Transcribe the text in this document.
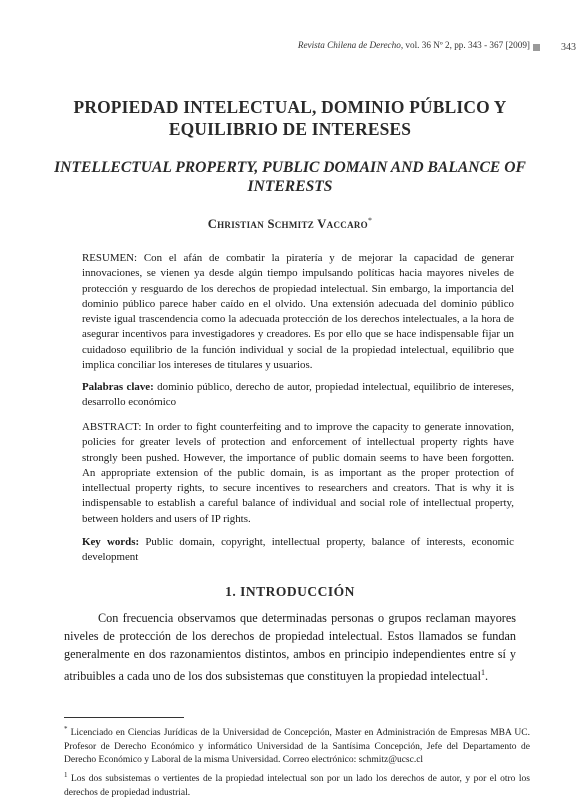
Revista Chilena de Derecho, vol. 36 Nº 2, pp. 343 - 367 [2009]	343
PROPIEDAD INTELECTUAL, DOMINIO PÚBLICO Y EQUILIBRIO DE INTERESES
INTELLECTUAL PROPERTY, PUBLIC DOMAIN AND BALANCE OF INTERESTS
Christian Schmitz Vaccaro*

RESUMEN: Con el afán de combatir la piratería y de mejorar la capacidad de generar innovaciones, se vienen ya desde algún tiempo impulsando políticas hacia mayores niveles de protección y resguardo de los derechos de propiedad intelectual. Sin embargo, la importancia del dominio público parece haber caído en el olvido. Una extensión adecuada del dominio público reviste igual trascendencia como la adecuada protección de los derechos intelectuales, a la hora de asegurar incentivos para investigadores y creadores. Es por ello que se hace indispensable fijar un cuidadoso equilibrio de la función individual y social de la propiedad intelectual, equilibrio que implica conciliar los intereses de titulares y usuarios.

Palabras clave: dominio público, derecho de autor, propiedad intelectual, equilibrio de intereses, desarrollo económico

ABSTRACT: In order to fight counterfeiting and to improve the capacity to generate innovation, policies for greater levels of protection and enforcement of intellectual property rights have strongly been pushed. However, the importance of public domain seems to have been forgotten. An appropriate extension of the public domain, is as important as the proper protection of intellectual property rights, to secure incentives to researchers and creators. That is why it is indispensable to establish a careful balance of individual and social role of intellectual property, between holders and users of IP rights.

Key words: Public domain, copyright, intellectual property, balance of interests, economic development

1. INTRODUCCIÓN

Con frecuencia observamos que determinadas personas o grupos reclaman mayores niveles de protección de los derechos de propiedad intelectual. Estos llamados se fundan generalmente en dos razonamientos distintos, ambos en principio independientes entre sí y atribuibles a cada uno de los dos subsistemas que constituyen la propiedad intelectual$^1$.

* Licenciado en Ciencias Jurídicas de la Universidad de Concepción, Master en Administración de Empresas MBA UC. Profesor de Derecho Económico y informático Universidad de la Santísima Concepción, Jefe del Departamento de Derecho Económico y Laboral de la misma Universidad. Correo electrónico: schmitz@ucsc.cl

$^1$ Los dos subsistemas o vertientes de la propiedad intelectual son por un lado los derechos de autor, y por el otro los derechos de propiedad industrial.
